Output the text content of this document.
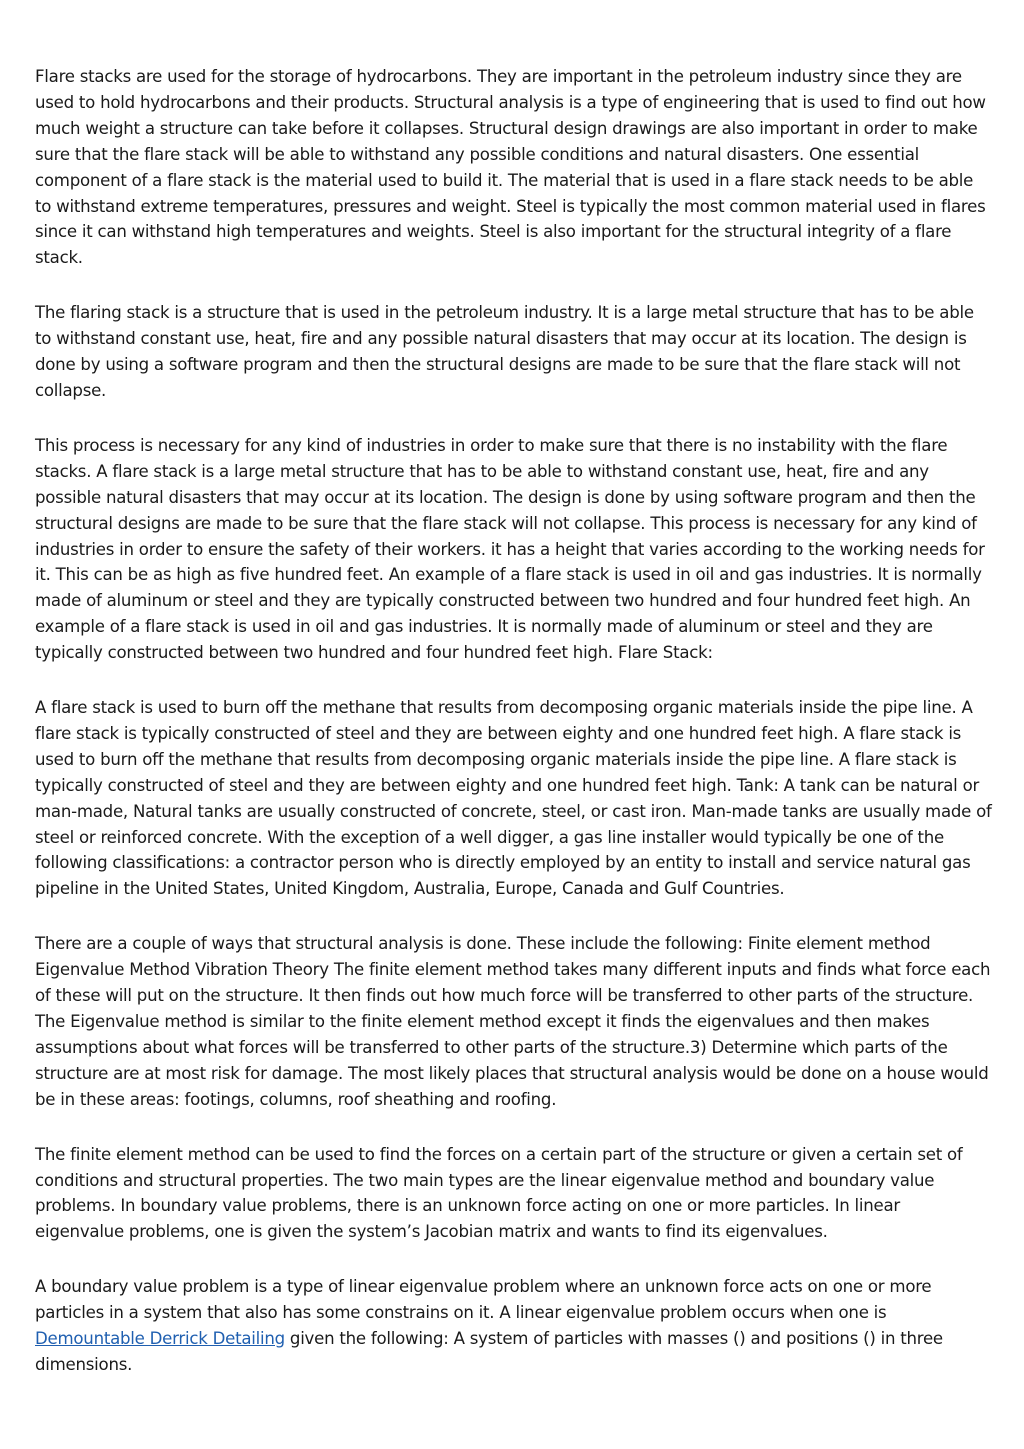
Flare stacks are used for the storage of hydrocarbons. They are important in the petroleum industry since they are used to hold hydrocarbons and their products. Structural analysis is a type of engineering that is used to find out how much weight a structure can take before it collapses. Structural design drawings are also important in order to make sure that the flare stack will be able to withstand any possible conditions and natural disasters. One essential component of a flare stack is the material used to build it. The material that is used in a flare stack needs to be able to withstand extreme temperatures, pressures and weight. Steel is typically the most common material used in flares since it can withstand high temperatures and weights. Steel is also important for the structural integrity of a flare stack.

The flaring stack is a structure that is used in the petroleum industry. It is a large metal structure that has to be able to withstand constant use, heat, fire and any possible natural disasters that may occur at its location. The design is done by using a software program and then the structural designs are made to be sure that the flare stack will not collapse.

This process is necessary for any kind of industries in order to make sure that there is no instability with the flare stacks. A flare stack is a large metal structure that has to be able to withstand constant use, heat, fire and any possible natural disasters that may occur at its location. The design is done by using software program and then the structural designs are made to be sure that the flare stack will not collapse. This process is necessary for any kind of industries in order to ensure the safety of their workers. it has a height that varies according to the working needs for it. This can be as high as five hundred feet. An example of a flare stack is used in oil and gas industries. It is normally made of aluminum or steel and they are typically constructed between two hundred and four hundred feet high. An example of a flare stack is used in oil and gas industries. It is normally made of aluminum or steel and they are typically constructed between two hundred and four hundred feet high. Flare Stack:

A flare stack is used to burn off the methane that results from decomposing organic materials inside the pipe line. A flare stack is typically constructed of steel and they are between eighty and one hundred feet high. A flare stack is used to burn off the methane that results from decomposing organic materials inside the pipe line. A flare stack is typically constructed of steel and they are between eighty and one hundred feet high. Tank: A tank can be natural or man-made, Natural tanks are usually constructed of concrete, steel, or cast iron. Man-made tanks are usually made of steel or reinforced concrete. With the exception of a well digger, a gas line installer would typically be one of the following classifications: a contractor person who is directly employed by an entity to install and service natural gas pipeline in the United States, United Kingdom, Australia, Europe, Canada and Gulf Countries.

There are a couple of ways that structural analysis is done. These include the following: Finite element method Eigenvalue Method Vibration Theory The finite element method takes many different inputs and finds what force each of these will put on the structure. It then finds out how much force will be transferred to other parts of the structure. The Eigenvalue method is similar to the finite element method except it finds the eigenvalues and then makes assumptions about what forces will be transferred to other parts of the structure.3) Determine which parts of the structure are at most risk for damage. The most likely places that structural analysis would be done on a house would be in these areas: footings, columns, roof sheathing and roofing.

The finite element method can be used to find the forces on a certain part of the structure or given a certain set of conditions and structural properties. The two main types are the linear eigenvalue method and boundary value problems. In boundary value problems, there is an unknown force acting on one or more particles. In linear eigenvalue problems, one is given the system’s Jacobian matrix and wants to find its eigenvalues.

A boundary value problem is a type of linear eigenvalue problem where an unknown force acts on one or more particles in a system that also has some constrains on it. A linear eigenvalue problem occurs when one is Demountable Derrick Detailing given the following: A system of particles with masses () and positions () in three dimensions.
